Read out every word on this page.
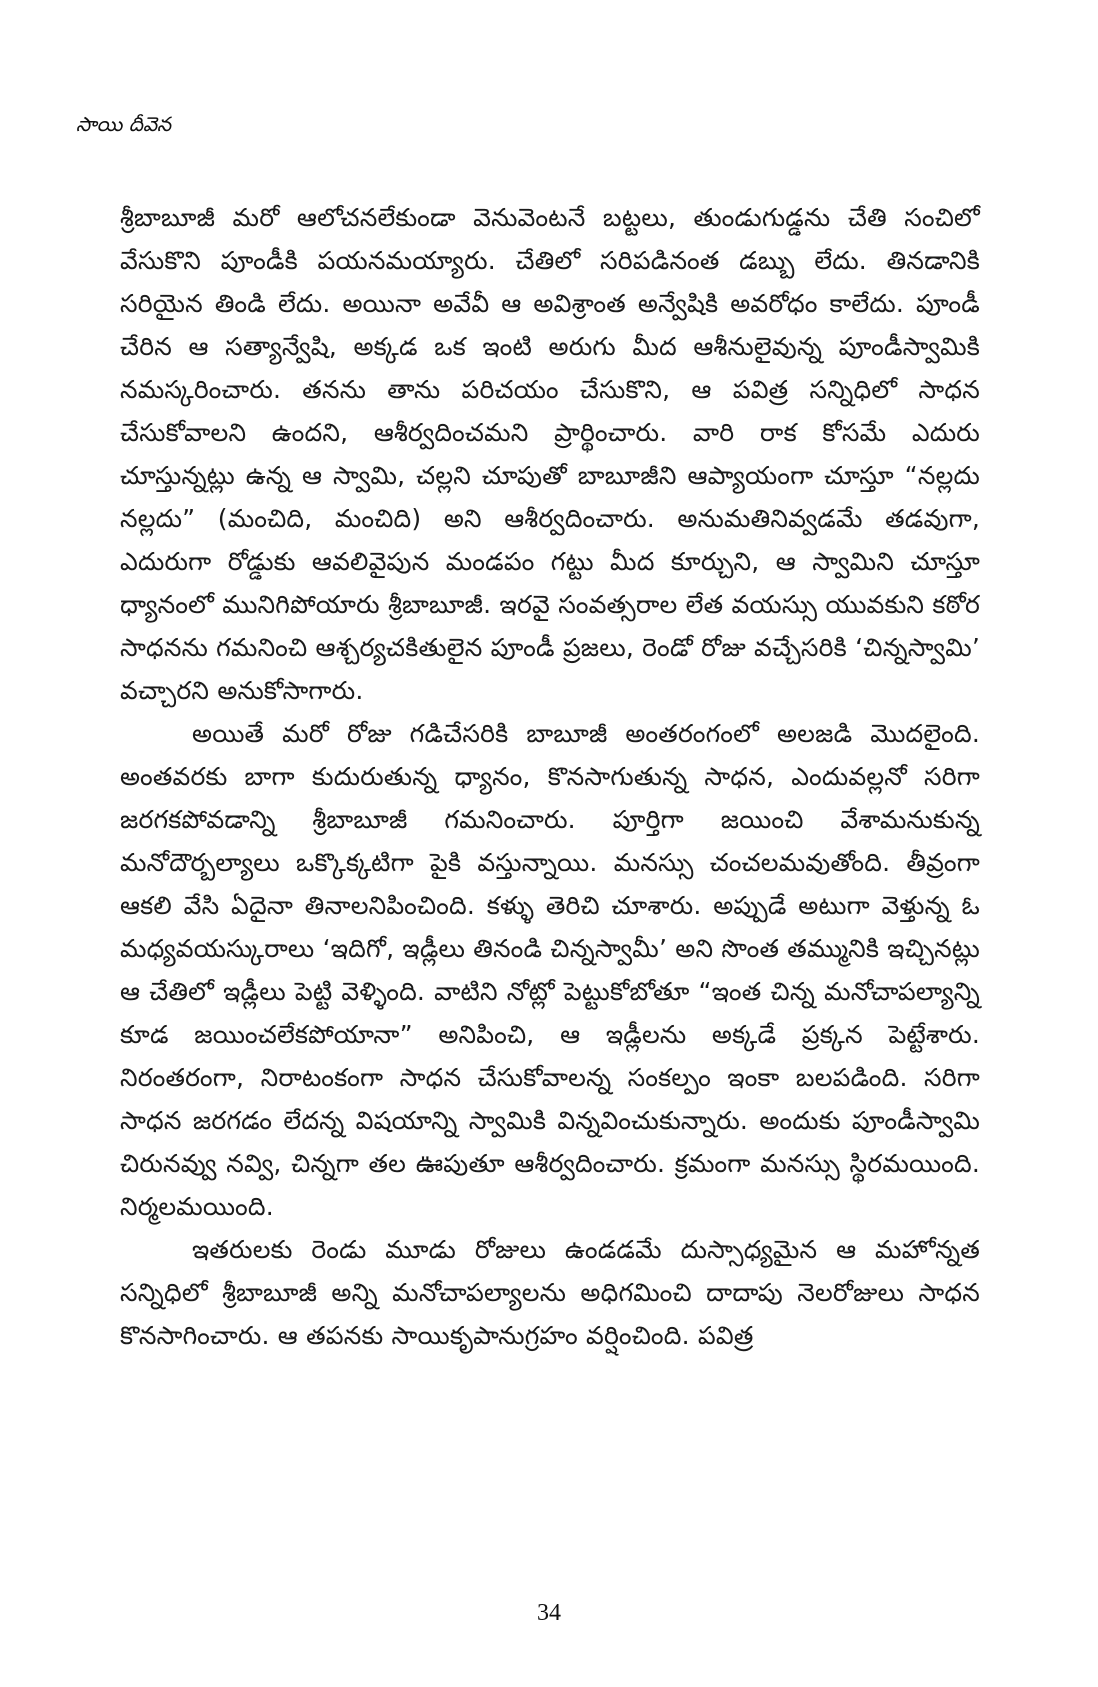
సాయి దీవెన

శ్రీబాబూజీ మరో ఆలోచనలేకుండా వెనువెంటనే బట్టలు, తుండుగుడ్డను చేతి సంచిలో వేసుకొని పూండీకి పయనమయ్యారు. చేతిలో సరిపడినంత డబ్బు లేదు. తినడానికి సరియైన తిండి లేదు. అయినా అవేవీ ఆ అవిశ్రాంత అన్వేషికి అవరోధం కాలేదు. పూండీ చేరిన ఆ సత్యాన్వేషి, అక్కడ ఒక ఇంటి అరుగు మీద ఆశీనులైవున్న పూండీస్వామికి నమస్కరించారు. తనను తాను పరిచయం చేసుకొని, ఆ పవిత్ర సన్నిధిలో సాధన చేసుకోవాలని ఉందని, ఆశీర్వదించమని ప్రార్థించారు. వారి రాక కోసమే ఎదురు చూస్తున్నట్లు ఉన్న ఆ స్వామి, చల్లని చూపుతో బాబూజీని ఆప్యాయంగా చూస్తూ “నల్లదు నల్లదు” (మంచిది, మంచిది) అని ఆశీర్వదించారు. అనుమతినివ్వడమే తడవుగా, ఎదురుగా రోడ్డుకు ఆవలివైపున మండపం గట్టు మీద కూర్చుని, ఆ స్వామిని చూస్తూ ధ్యానంలో మునిగిపోయారు శ్రీబాబూజీ. ఇరవై సంవత్సరాల లేత వయస్సు యువకుని కఠోర సాధనను గమనించి ఆశ్చర్యచకితులైన పూండీ ప్రజలు, రెండో రోజు వచ్చేసరికి ‘చిన్నస్వామి’ వచ్చారని అనుకోసాగారు.

అయితే మరో రోజు గడిచేసరికి బాబూజీ అంతరంగంలో అలజడి మొదలైంది. అంతవరకు బాగా కుదురుతున్న ధ్యానం, కొనసాగుతున్న సాధన, ఎందువల్లనో సరిగా జరగకపోవడాన్ని శ్రీబాబూజీ గమనించారు. పూర్తిగా జయించి వేశామనుకున్న మనోదౌర్బల్యాలు ఒక్కొక్కటిగా పైకి వస్తున్నాయి. మనస్సు చంచలమవుతోంది. తీవ్రంగా ఆకలి వేసి ఏదైనా తినాలనిపించింది. కళ్ళు తెరిచి చూశారు. అప్పుడే అటుగా వెళ్తున్న ఓ మధ్యవయస్కురాలు ‘ఇదిగో, ఇడ్లీలు తినండి చిన్నస్వామీ’ అని సొంత తమ్మునికి ఇచ్చినట్లు ఆ చేతిలో ఇడ్లీలు పెట్టి వెళ్ళింది. వాటిని నోట్లో పెట్టుకోబోతూ “ఇంత చిన్న మనోచాపల్యాన్ని కూడ జయించలేకపోయానా” అనిపించి, ఆ ఇడ్లీలను అక్కడే ప్రక్కన పెట్టేశారు. నిరంతరంగా, నిరాటంకంగా సాధన చేసుకోవాలన్న సంకల్పం ఇంకా బలపడింది. సరిగా సాధన జరగడం లేదన్న విషయాన్ని స్వామికి విన్నవించుకున్నారు. అందుకు పూండీస్వామి చిరునవ్వు నవ్వి, చిన్నగా తల ఊపుతూ ఆశీర్వదించారు. క్రమంగా మనస్సు స్థిరమయింది. నిర్మలమయింది.

ఇతరులకు రెండు మూడు రోజులు ఉండడమే దుస్సాధ్యమైన ఆ మహోన్నత సన్నిధిలో శ్రీబాబూజీ అన్ని మనోచాపల్యాలను అధిగమించి దాదాపు నెలరోజులు సాధన కొనసాగించారు. ఆ తపనకు సాయికృపానుగ్రహం వర్షించింది. పవిత్ర

34
